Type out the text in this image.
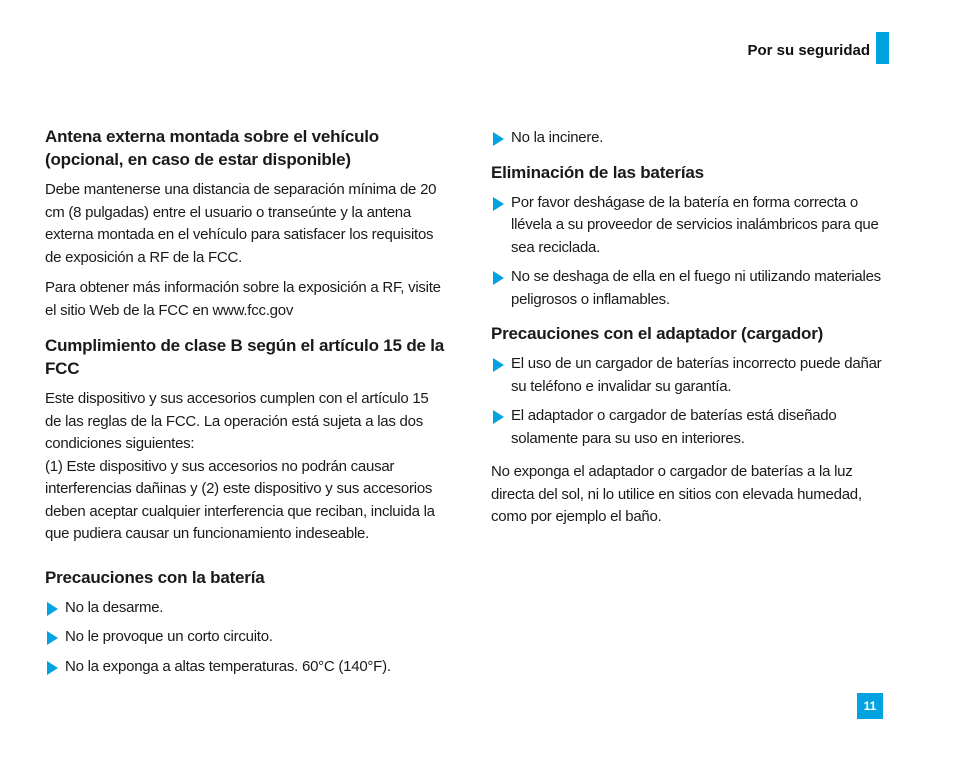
Por su seguridad
Antena externa montada sobre el vehículo (opcional, en caso de estar disponible)

Debe mantenerse una distancia de separación mínima de 20 cm (8 pulgadas) entre el usuario o transeúnte y la antena externa montada en el vehículo para satisfacer los requisitos de exposición a RF de la FCC.

Para obtener más información sobre la exposición a RF, visite el sitio Web de la FCC en www.fcc.gov

Cumplimiento de clase B según el artículo 15 de la FCC

Este dispositivo y sus accesorios cumplen con el artículo 15 de las reglas de la FCC. La operación está sujeta a las dos condiciones siguientes:

(1) Este dispositivo y sus accesorios no podrán causar interferencias dañinas y (2) este dispositivo y sus accesorios deben aceptar cualquier interferencia que reciban, incluida la que pudiera causar un funcionamiento indeseable.

Precauciones con la batería
No la desarme.
No le provoque un corto circuito.
No la exponga a altas temperaturas. 60°C (140°F).
No la incinere.
Eliminación de las baterías
Por favor deshágase de la batería en forma correcta o llévela a su proveedor de servicios inalámbricos para que sea reciclada.
No se deshaga de ella en el fuego ni utilizando materiales peligrosos o inflamables.
Precauciones con el adaptador (cargador)
El uso de un cargador de baterías incorrecto puede dañar su teléfono e invalidar su garantía.
El adaptador o cargador de baterías está diseñado solamente para su uso en interiores.

No exponga el adaptador o cargador de baterías a la luz directa del sol, ni lo utilice en sitios con elevada humedad, como por ejemplo el baño.

11
